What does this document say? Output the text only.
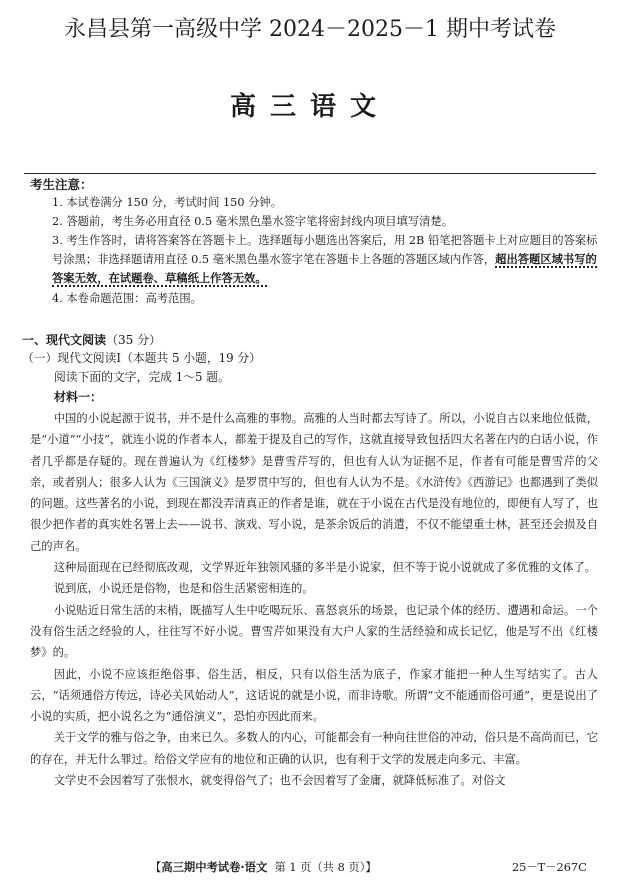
永昌县第一高级中学 2024－2025－1 期中考试卷
高三语文
考生注意：
1. 本试卷满分 150 分，考试时间 150 分钟。
2. 答题前，考生务必用直径 0.5 毫米黑色墨水签字笔将密封线内项目填写清楚。
3. 考生作答时，请将答案答在答题卡上。选择题每小题选出答案后，用 2B 铅笔把答题卡上对应题目的答案标号涂黑；非选择题请用直径 0.5 毫米黑色墨水签字笔在答题卡上各题的答题区域内作答，超出答题区域书写的答案无效，在试题卷、草稿纸上作答无效。
4. 本卷命题范围：高考范围。
一、现代文阅读（35 分）
（一）现代文阅读Ⅰ（本题共 5 小题，19 分）
阅读下面的文字，完成 1～5 题。
材料一：

中国的小说起源于说书，并不是什么高雅的事物。高雅的人当时都去写诗了。所以，小说自古以来地位低微，是“小道”“小技”，就连小说的作者本人，都羞于提及自己的写作，这就直接导致包括四大名著在内的白话小说，作者几乎都是存疑的。现在普遍认为《红楼梦》是曹雪芹写的，但也有人认为证据不足，作者有可能是曹雪芹的父亲，或者别人；很多人认为《三国演义》是罗贯中写的，但也有人认为不是。《水浒传》《西游记》也都遇到了类似的问题。这些著名的小说，到现在都没弄清真正的作者是谁，就在于小说在古代是没有地位的，即便有人写了，也很少把作者的真实姓名署上去——说书、演戏、写小说，是茶余饭后的消遣，不仅不能望重士林，甚至还会损及自己的声名。

这种局面现在已经彻底改观，文学界近年独领风骚的多半是小说家，但不等于说小说就成了多优雅的文体了。

说到底，小说还是俗物，也是和俗生活紧密相连的。

小说贴近日常生活的末梢，既描写人生中吃喝玩乐、喜怒哀乐的场景，也记录个体的经历、遭遇和命运。一个没有俗生活之经验的人，往往写不好小说。曹雪芹如果没有大户人家的生活经验和成长记忆，他是写不出《红楼梦》的。

因此，小说不应该拒绝俗事、俗生活，相反，只有以俗生活为底子，作家才能把一种人生写结实了。古人云，“话须通俗方传远，诗必关风始动人”，这话说的就是小说，而非诗歌。所谓“文不能通而俗可通”，更是说出了小说的实质，把小说名之为“通俗演义”，恐怕亦因此而来。

关于文学的雅与俗之争，由来已久。多数人的内心，可能都会有一种向往世俗的冲动，俗只是不高尚而已，它的存在，并无什么罪过。给俗文学应有的地位和正确的认识，也有利于文学的发展走向多元、丰富。

文学史不会因着写了张恨水，就变得俗气了；也不会因着写了金庸，就降低标准了。对俗文

【高三期中考试卷·语文 第 1 页（共 8 页）】	25－T－267C
